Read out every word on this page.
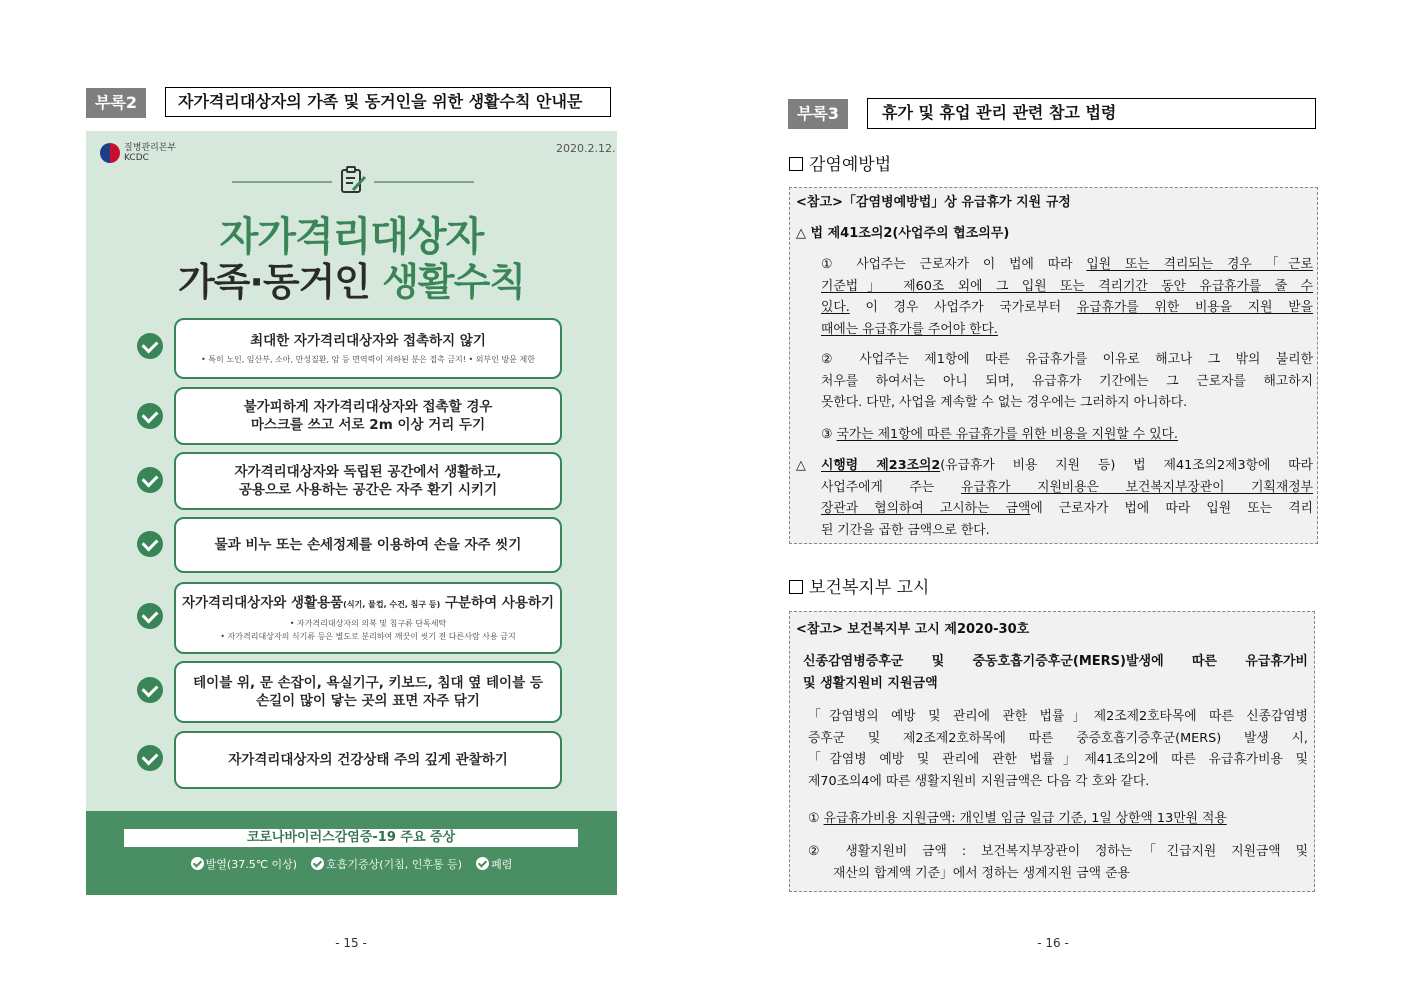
부록2	자가격리대상자의 가족 및 동거인을 위한 생활수칙 안내문
질병관리본부
KCDC
2020.2.12.
자가격리대상자
가족·동거인 생활수칙
최대한 자가격리대상자와 접촉하지 않기
• 특히 노인, 임산부, 소아, 만성질환, 암 등 면역력이 저하된 분은 접촉 금지! • 외부인 방문 제한
불가피하게 자가격리대상자와 접촉할 경우
마스크를 쓰고 서로 2m 이상 거리 두기
자가격리대상자와 독립된 공간에서 생활하고,
공용으로 사용하는 공간은 자주 환기 시키기
물과 비누 또는 손세정제를 이용하여 손을 자주 씻기
자가격리대상자와 생활용품(식기, 물컵, 수건, 침구 등) 구분하여 사용하기
• 자가격리대상자의 의복 및 침구류 단독세탁
• 자가격리대상자의 식기류 등은 별도로 분리하여 깨끗이 씻기 전 다른사람 사용 금지
테이블 위, 문 손잡이, 욕실기구, 키보드, 침대 옆 테이블 등
손길이 많이 닿는 곳의 표면 자주 닦기
자가격리대상자의 건강상태 주의 깊게 관찰하기
코로나바이러스감염증-19 주요 증상
발열(37.5℃ 이상)	호흡기증상(기침, 인후통 등)	폐렴
- 15 -
부록3	휴가 및 휴업 관리 관련 참고 법령
감염예방법
<참고>「감염병예방법」상 유급휴가 지원 규정
△ 법 제41조의2(사업주의 협조의무)
① 사업주는 근로자가 이 법에 따라 입원 또는 격리되는 경우 「근로
기준법」 제60조 외에 그 입원 또는 격리기간 동안 유급휴가를 줄 수
있다. 이 경우 사업주가 국가로부터 유급휴가를 위한 비용을 지원 받을
때에는 유급휴가를 주어야 한다.
② 사업주는 제1항에 따른 유급휴가를 이유로 해고나 그 밖의 불리한
처우를 하여서는 아니 되며, 유급휴가 기간에는 그 근로자를 해고하지
못한다. 다만, 사업을 계속할 수 없는 경우에는 그러하지 아니하다.
③ 국가는 제1항에 따른 유급휴가를 위한 비용을 지원할 수 있다.
△ 시행령 제23조의2(유급휴가 비용 지원 등) 법 제41조의2제3항에 따라
사업주에게 주는 유급휴가 지원비용은 보건복지부장관이 기획재정부
장관과 협의하여 고시하는 금액에 근로자가 법에 따라 입원 또는 격리
된 기간을 곱한 금액으로 한다.
보건복지부 고시
<참고> 보건복지부 고시 제2020-30호
신종감염병증후군 및 중동호흡기증후군(MERS)발생에 따른 유급휴가비
및 생활지원비 지원금액
「감염병의 예방 및 관리에 관한 법률」제2조제2호타목에 따른 신종감염병
증후군 및 제2조제2호하목에 따른 중증호흡기증후군(MERS) 발생 시,
「감염병 예방 및 관리에 관한 법률」제41조의2에 따른 유급휴가비용 및
제70조의4에 따른 생활지원비 지원금액은 다음 각 호와 같다.
① 유급휴가비용 지원금액: 개인별 임금 일급 기준, 1일 상한액 13만원 적용
② 생활지원비 금액 : 보건복지부장관이 정하는「긴급지원 지원금액 및
재산의 합계액 기준」에서 정하는 생계지원 금액 준용
- 16 -
